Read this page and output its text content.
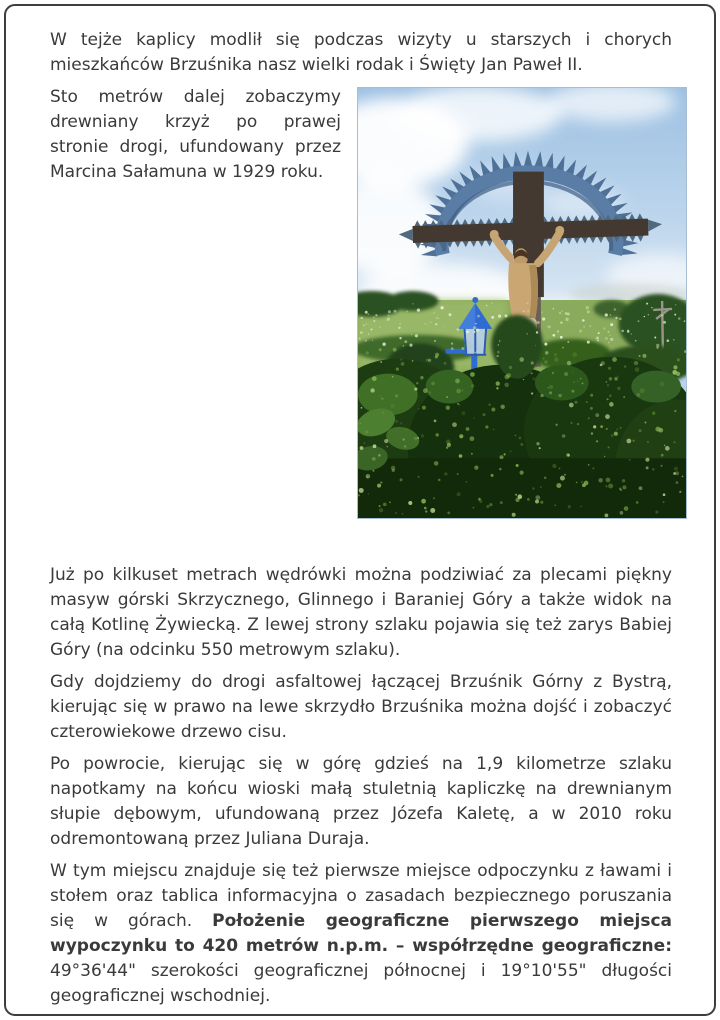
W tejże kaplicy modlił się podczas wizyty u starszych i chorych mieszkańców Brzuśnika nasz wielki rodak i Święty Jan Paweł II.

Sto metrów dalej zobaczymy drewniany krzyż po prawej stronie drogi, ufundowany przez Marcina Sałamuna w 1929 roku.

Już po kilkuset metrach wędrówki można podziwiać za plecami piękny masyw górski Skrzycznego, Glinnego i Baraniej Góry a także widok na całą Kotlinę Żywiecką. Z lewej strony szlaku pojawia się też zarys Babiej Góry (na odcinku 550 metrowym szlaku).

Gdy dojdziemy do drogi asfaltowej łączącej Brzuśnik Górny z Bystrą, kierując się w prawo na lewe skrzydło Brzuśnika można dojść i zobaczyć czterowiekowe drzewo cisu.

Po powrocie, kierując się w górę gdzieś na 1,9 kilometrze szlaku napotkamy na końcu wioski małą stuletnią kapliczkę na drewnianym słupie dębowym, ufundowaną przez Józefa Kaletę, a w 2010 roku odremontowaną przez Juliana Duraja.

W tym miejscu znajduje się też pierwsze miejsce odpoczynku z ławami i stołem oraz tablica informacyjna o zasadach bezpiecznego poruszania się w górach. Położenie geograficzne pierwszego miejsca wypoczynku to 420 metrów n.p.m. – współrzędne geograficzne: 49°36'44" szerokości geograficznej północnej i 19°10'55" długości geograficznej wschodniej.
